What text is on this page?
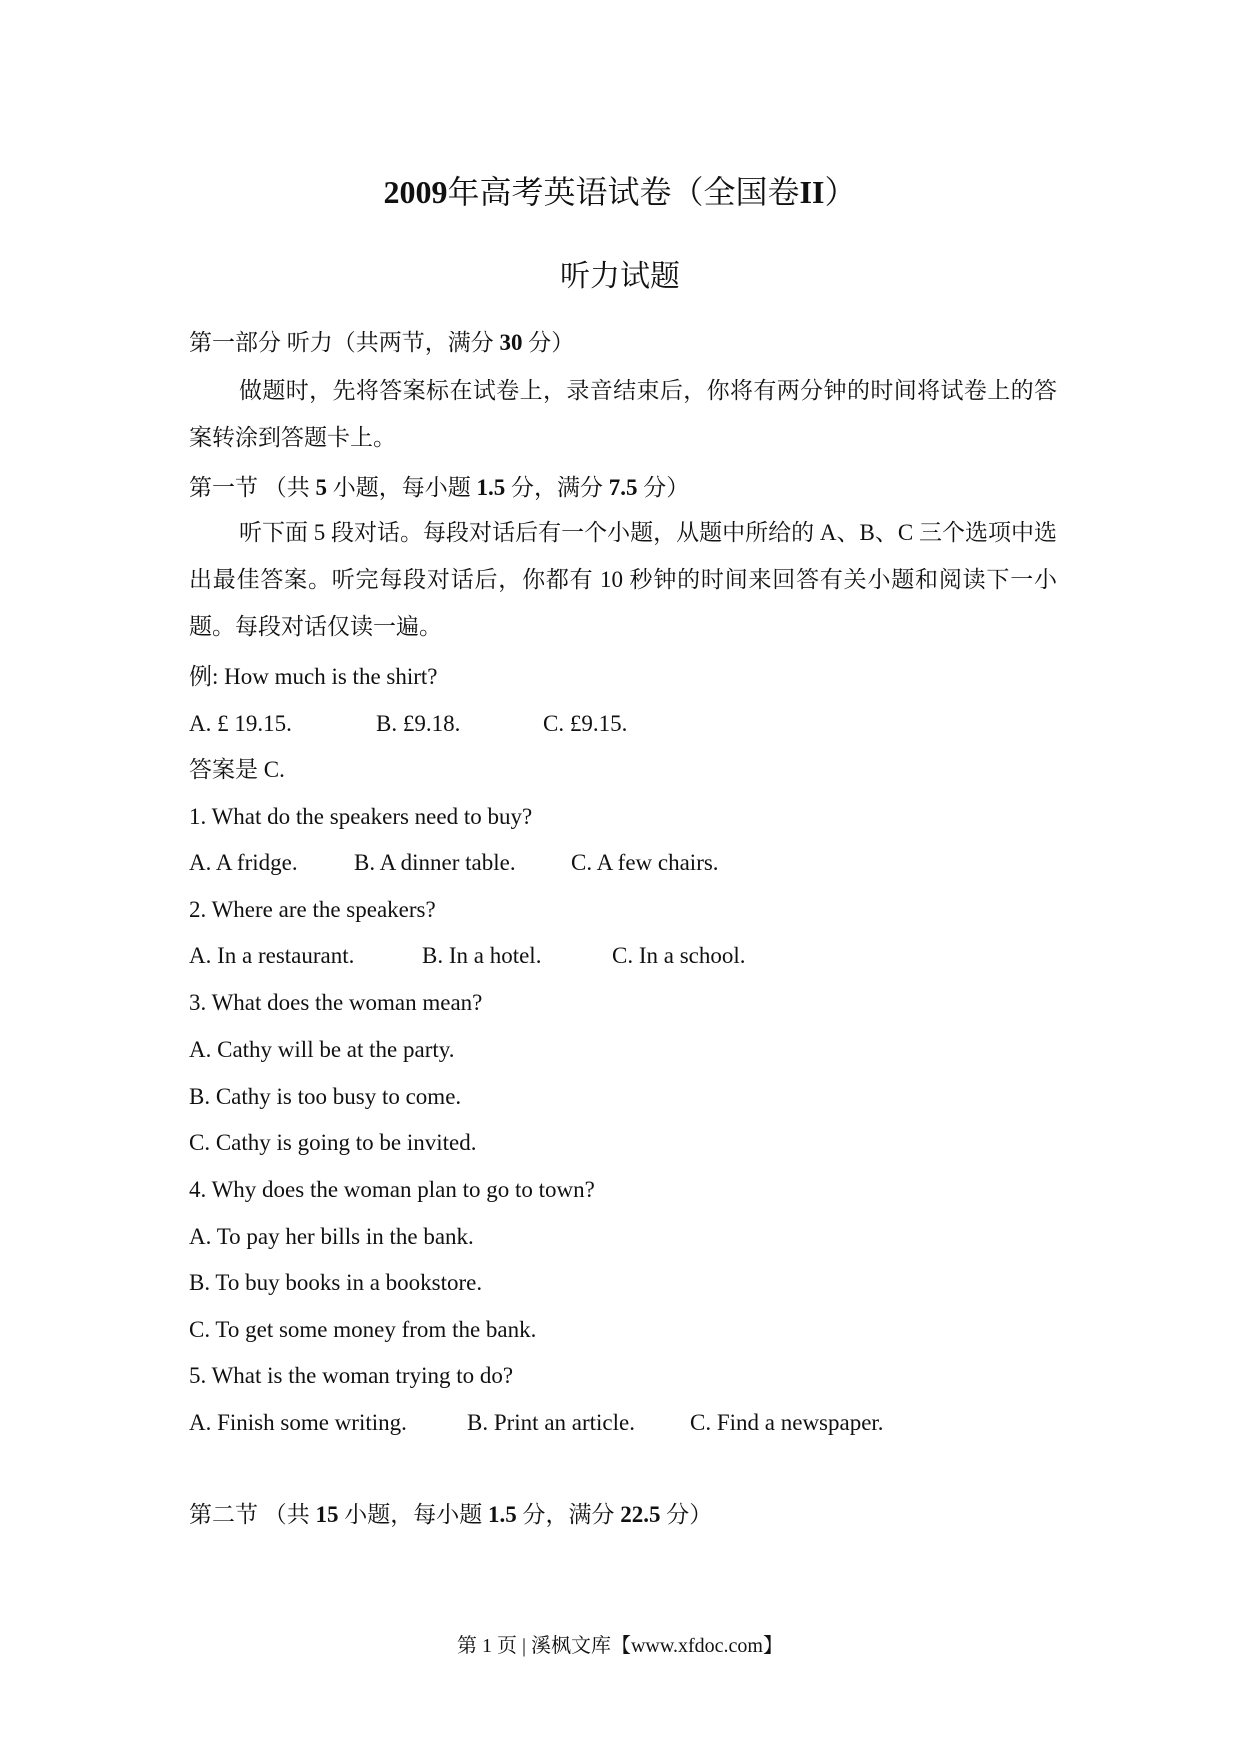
2009年高考英语试卷（全国卷II）
听力试题
第一部分 听力（共两节，满分 30 分）
做题时，先将答案标在试卷上，录音结束后，你将有两分钟的时间将试卷上的答案转涂到答题卡上。
第一节 （共 5 小题，每小题 1.5 分，满分 7.5 分）
听下面 5 段对话。每段对话后有一个小题，从题中所给的 A、B、C 三个选项中选出最佳答案。听完每段对话后，你都有 10 秒钟的时间来回答有关小题和阅读下一小题。每段对话仅读一遍。
例: How much is the shirt?
A. £ 19.15.	B. £9.18.	C. £9.15.
答案是 C.
1. What do the speakers need to buy?
A. A fridge. B. A dinner table. C. A few chairs.
2. Where are the speakers?
A. In a restaurant.	B. In a hotel.	C. In a school.
3. What does the woman mean?
A. Cathy will be at the party.
B. Cathy is too busy to come.
C. Cathy is going to be invited.
4. Why does the woman plan to go to town?
A. To pay her bills in the bank.
B. To buy books in a bookstore.
C. To get some money from the bank.
5. What is the woman trying to do?
A. Finish some writing.	B. Print an article. C. Find a newspaper.
第二节 （共 15 小题，每小题 1.5 分，满分 22.5 分）
第 1 页 | 溪枫文库【www.xfdoc.com】
